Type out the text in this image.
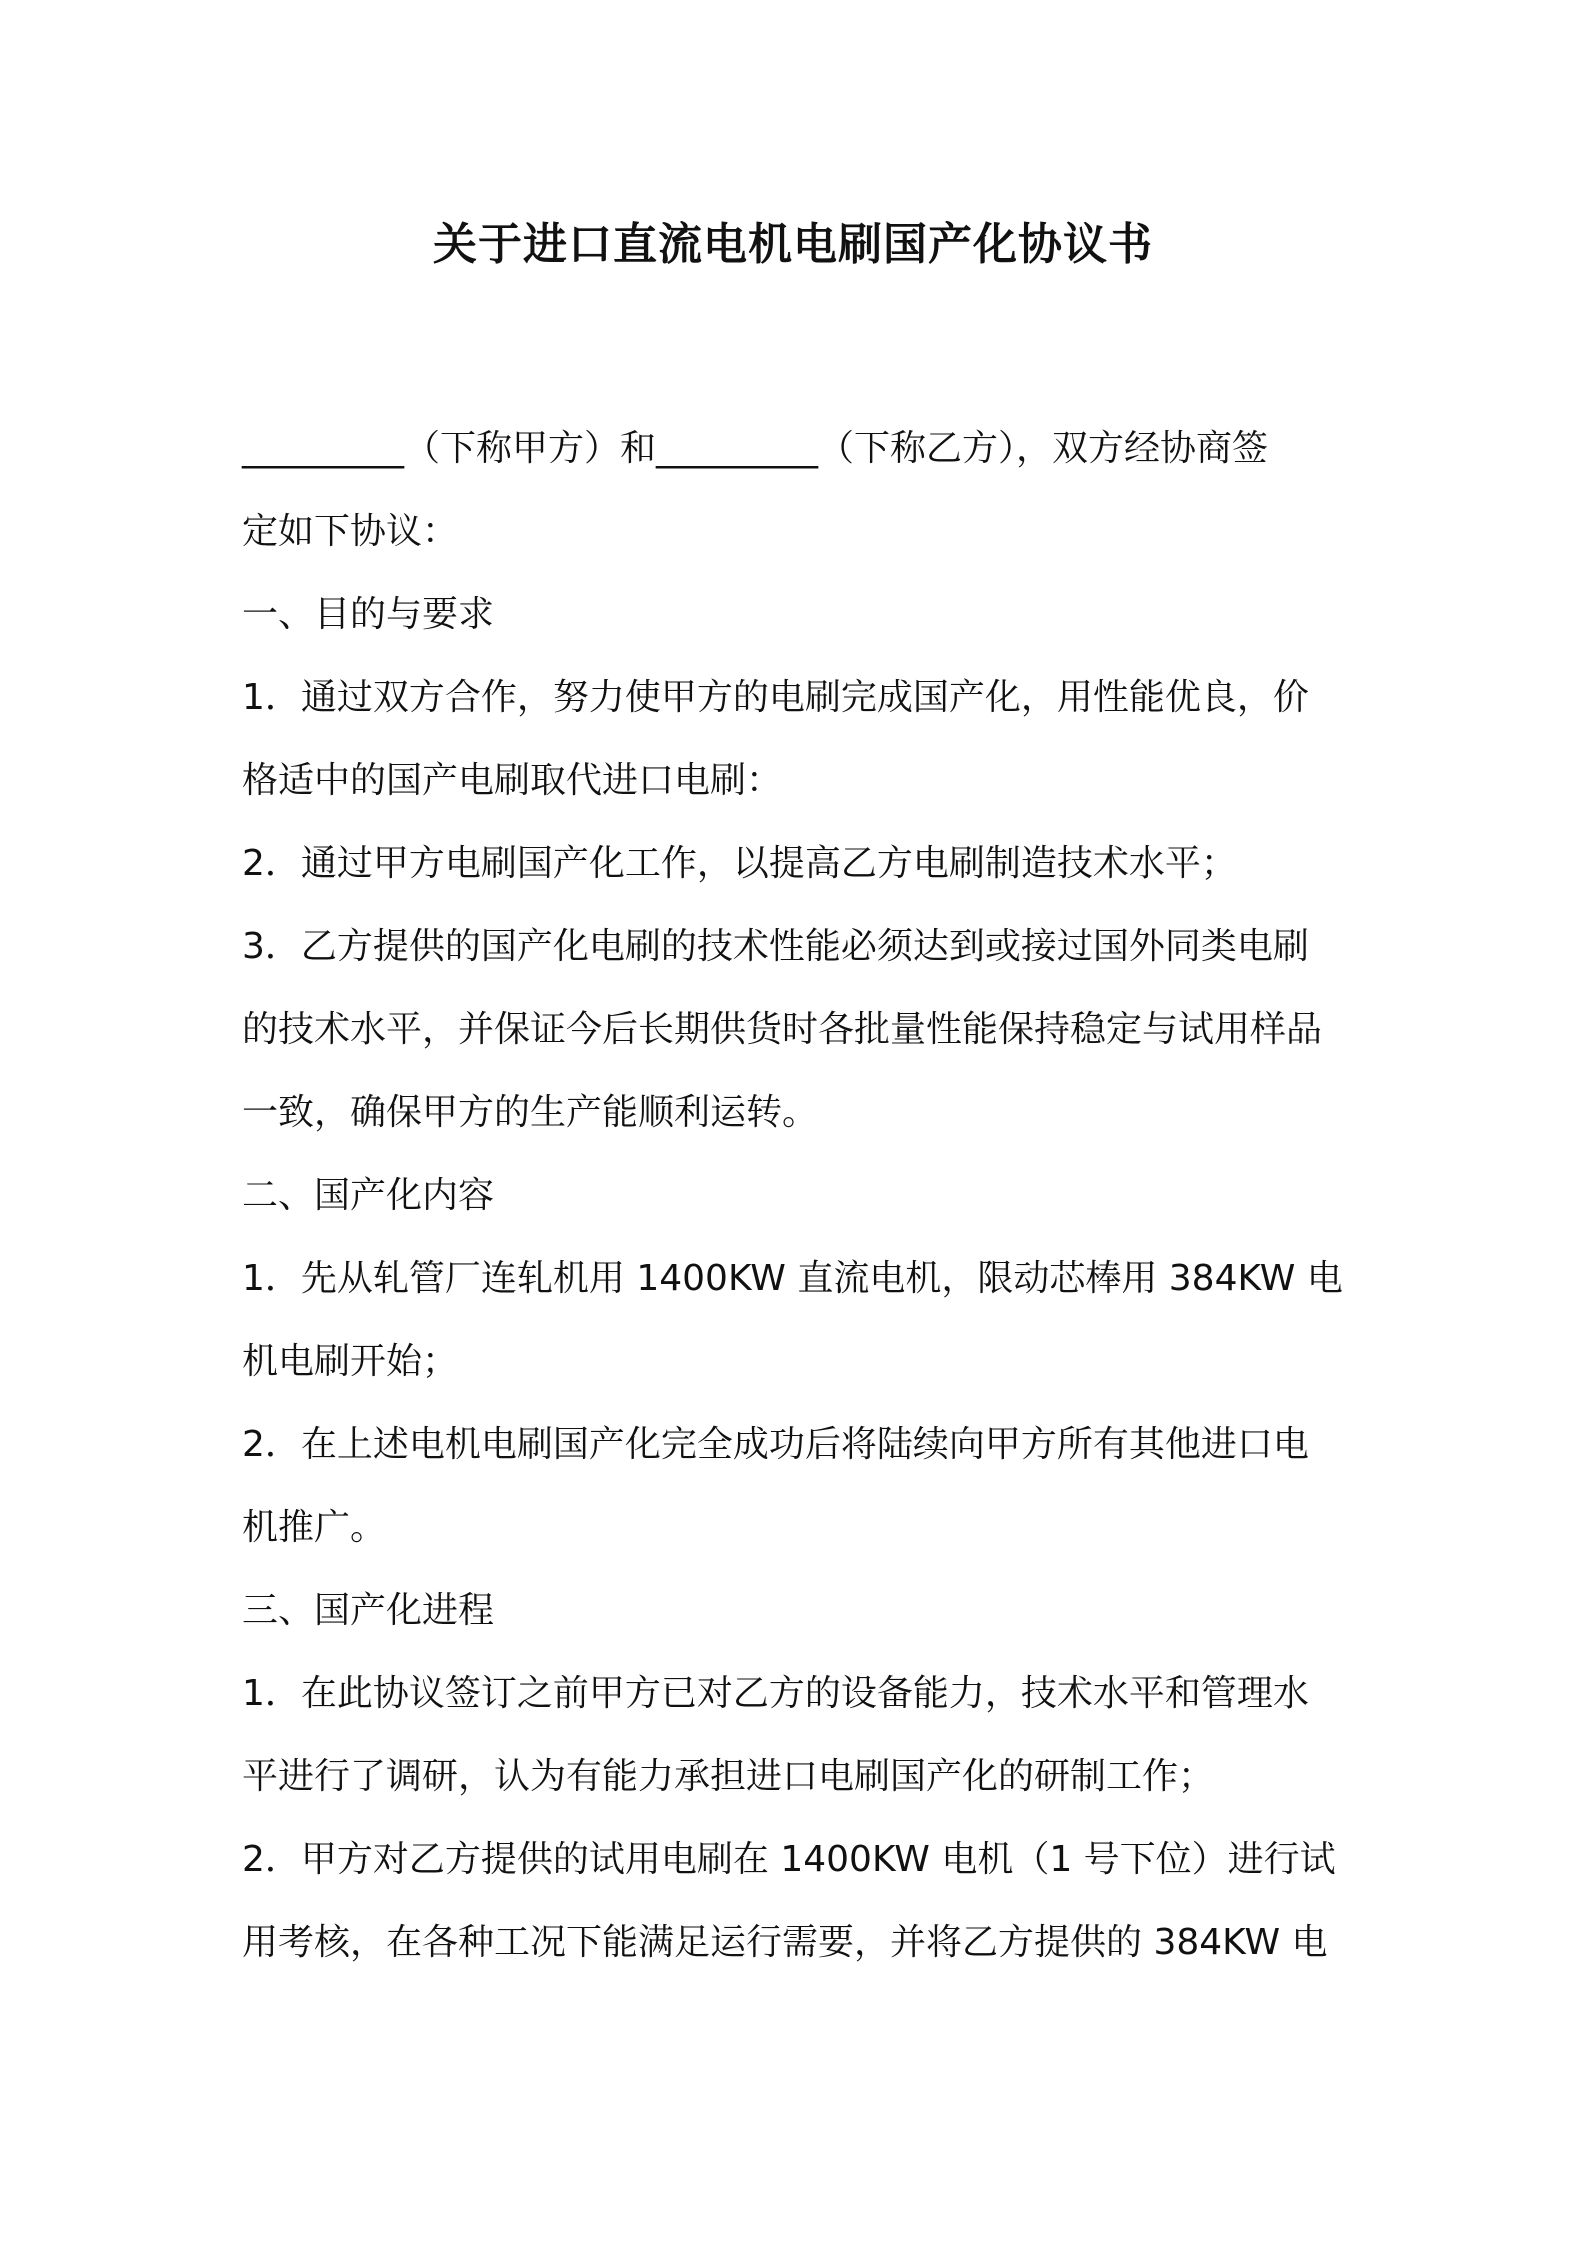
关于进口直流电机电刷国产化协议书

_________（下称甲方）和_________（下称乙方），双方经协商签
定如下协议：

一、目的与要求

1．通过双方合作，努力使甲方的电刷完成国产化，用性能优良，价
格适中的国产电刷取代进口电刷：

2．通过甲方电刷国产化工作，以提高乙方电刷制造技术水平；

3．乙方提供的国产化电刷的技术性能必须达到或接过国外同类电刷
的技术水平，并保证今后长期供货时各批量性能保持稳定与试用样品
一致，确保甲方的生产能顺利运转。

二、国产化内容

1．先从轧管厂连轧机用 1400KW 直流电机，限动芯棒用 384KW 电
机电刷开始；

2．在上述电机电刷国产化完全成功后将陆续向甲方所有其他进口电
机推广。

三、国产化进程

1．在此协议签订之前甲方已对乙方的设备能力，技术水平和管理水
平进行了调研，认为有能力承担进口电刷国产化的研制工作；

2．甲方对乙方提供的试用电刷在 1400KW 电机（1 号下位）进行试
用考核，在各种工况下能满足运行需要，并将乙方提供的 384KW 电
